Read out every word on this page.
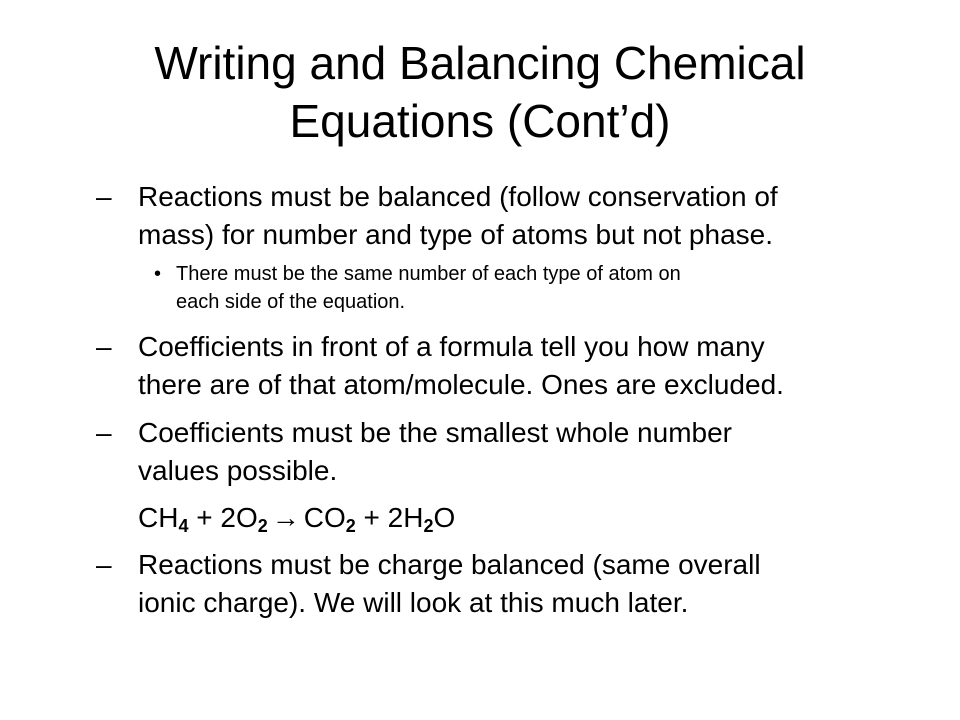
Writing and Balancing Chemical
Equations (Cont’d)
– Reactions must be balanced (follow conservation of
mass) for number and type of atoms but not phase.
• There must be the same number of each type of atom on
each side of the equation.
– Coefficients in front of a formula tell you how many
there are of that atom/molecule. Ones are excluded.
– Coefficients must be the smallest whole number
values possible.
$CH_4 + 2O_2 \to CO_2 + 2H_2O$
– Reactions must be charge balanced (same overall
ionic charge). We will look at this much later.
